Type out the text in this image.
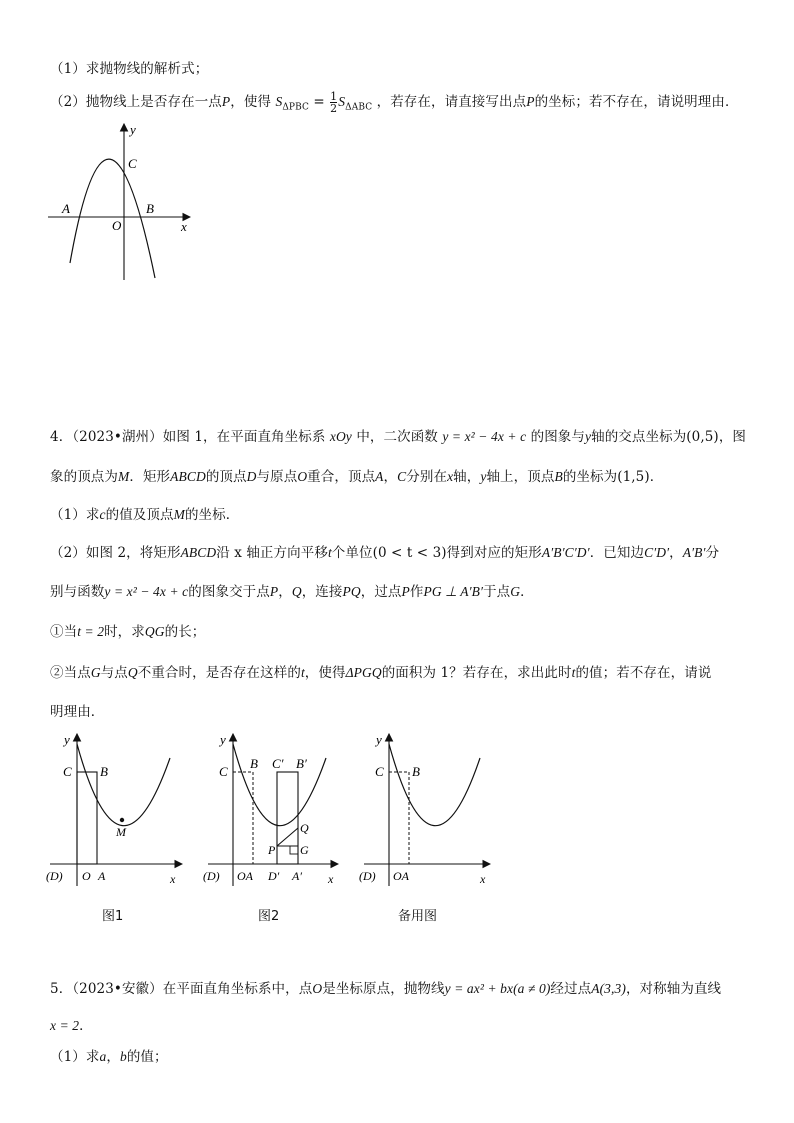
（1）求抛物线的解析式；
（2）抛物线上是否存在一点P，使得 $S_{\Delta PBC} = \frac{1}{2} S_{\Delta ABC}$ ，若存在，请直接写出点P的坐标；若不存在，请说明理由．
y
C
A	B
O	x
4．（2023•湖州）如图 1，在平面直角坐标系 xOy 中，二次函数 y = x² − 4x + c 的图象与y轴的交点坐标为(0,5)，图
象的顶点为M．矩形ABCD的顶点D与原点O重合，顶点A，C分别在x轴，y轴上，顶点B的坐标为(1,5)．
（1）求c的值及顶点M的坐标．
（2）如图 2，将矩形ABCD沿 x 轴正方向平移t个单位(0 < t < 3)得到对应的矩形A′B′C′D′．已知边C′D′，A′B′分
别与函数y = x² − 4x + c的图象交于点P，Q，连接PQ，过点P作PG ⊥ A′B′于点G．
①当t = 2时，求QG的长；
②当点G与点Q不重合时，是否存在这样的t，使得ΔPGQ的面积为 1？若存在，求出此时t的值；若不存在，请说
明理由．
y
C B
M
(D) O A	x
y
C
B C′ B′
Q
G
P
(D) OA D′ A′ x
y
C B
(D) OA	x
图1	图2	备用图
5．（2023•安徽）在平面直角坐标系中，点O是坐标原点，抛物线y = ax² + bx(a ≠ 0)经过点A(3,3)，对称轴为直线
x = 2．
（1）求a，b的值；
